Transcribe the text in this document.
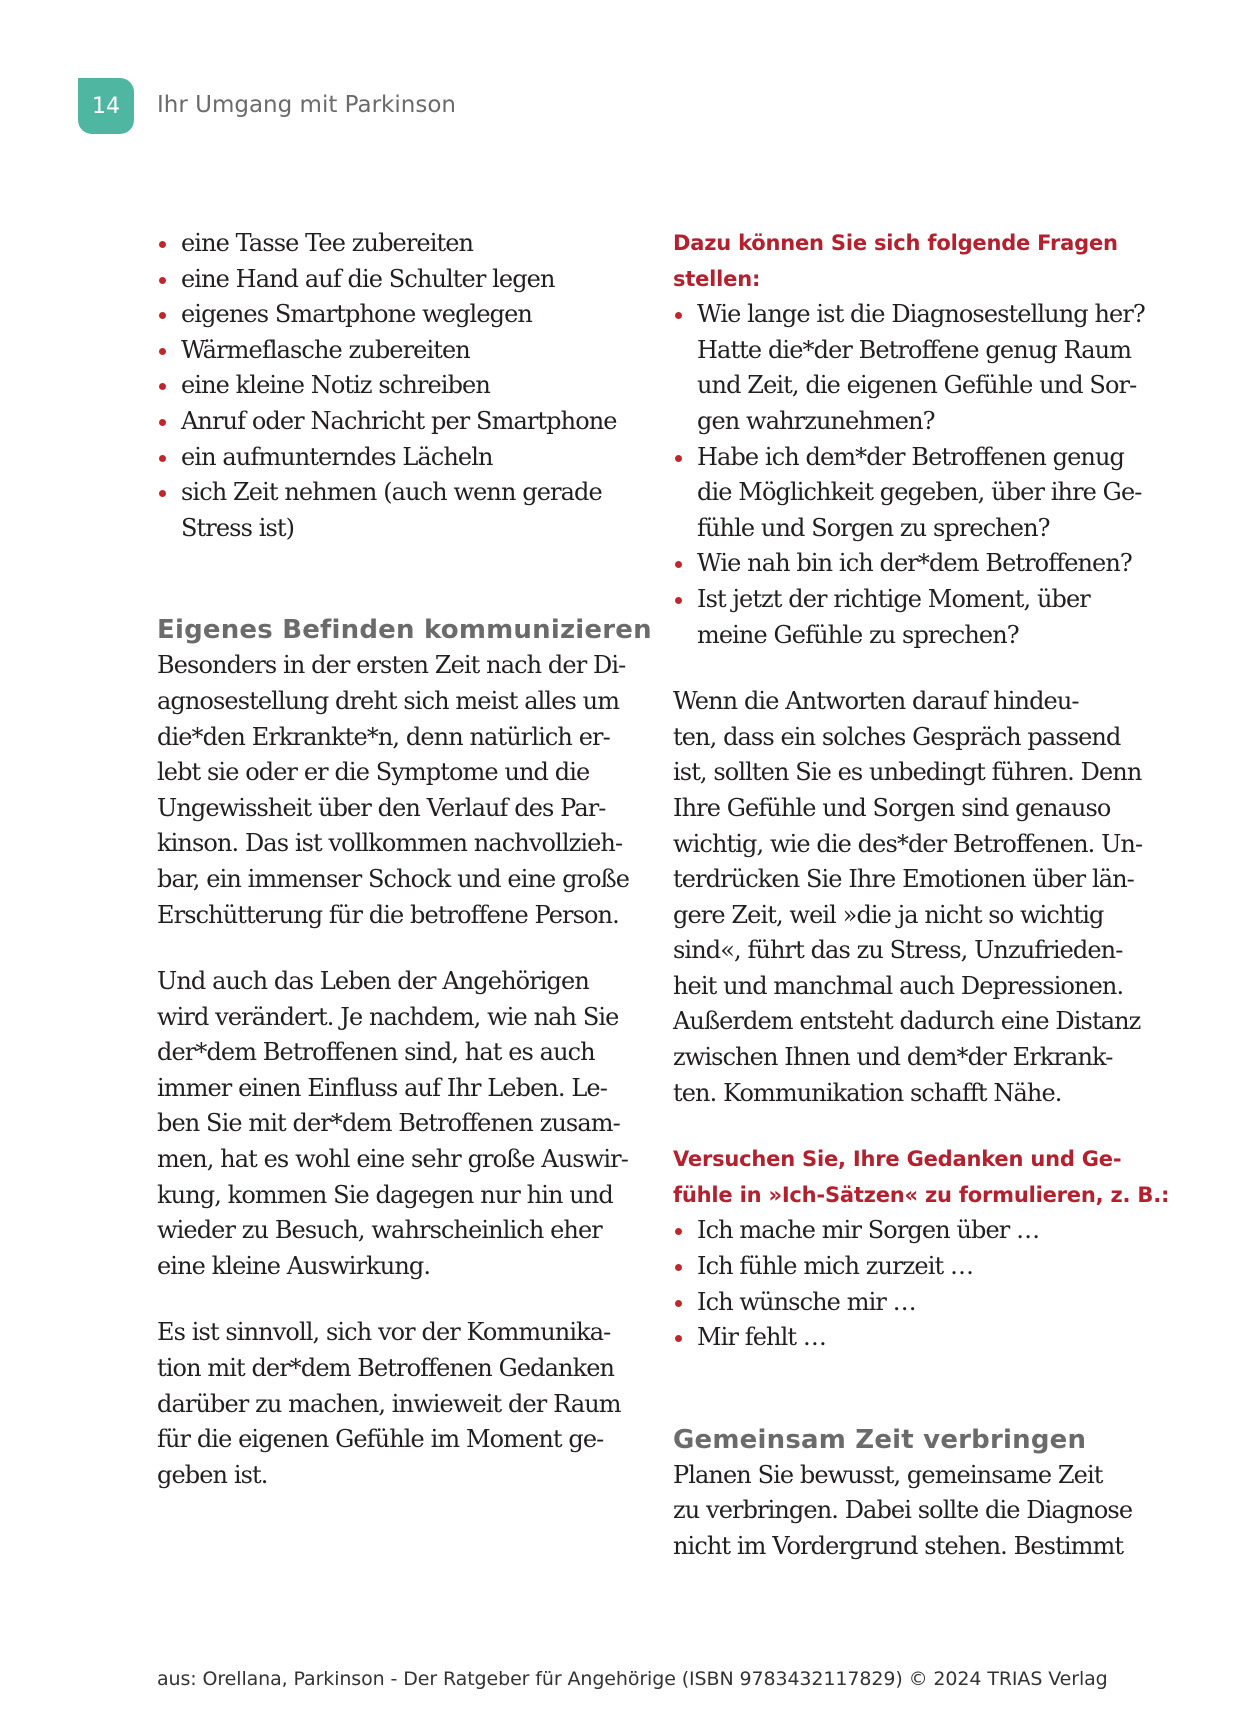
14 Ihr Umgang mit Parkinson
eine Tasse Tee zubereiten
eine Hand auf die Schulter legen
eigenes Smartphone weglegen
Wärmeflasche zubereiten
eine kleine Notiz schreiben
Anruf oder Nachricht per Smartphone
ein aufmunterndes Lächeln
sich Zeit nehmen (auch wenn gerade
Stress ist)
Eigenes Befinden kommunizieren
Besonders in der ersten Zeit nach der Di-
agnosestellung dreht sich meist alles um
die*den Erkrankte*n, denn natürlich er-
lebt sie oder er die Symptome und die
Ungewissheit über den Verlauf des Par-
kinson. Das ist vollkommen nachvollzieh-
bar, ein immenser Schock und eine große
Erschütterung für die betroffene Person.
Und auch das Leben der Angehörigen
wird verändert. Je nachdem, wie nah Sie
der*dem Betroffenen sind, hat es auch
immer einen Einfluss auf Ihr Leben. Le-
ben Sie mit der*dem Betroffenen zusam-
men, hat es wohl eine sehr große Auswir-
kung, kommen Sie dagegen nur hin und
wieder zu Besuch, wahrscheinlich eher
eine kleine Auswirkung.
Es ist sinnvoll, sich vor der Kommunika-
tion mit der*dem Betroffenen Gedanken
darüber zu machen, inwieweit der Raum
für die eigenen Gefühle im Moment ge-
geben ist.
Dazu können Sie sich folgende Fragen
stellen:
Wie lange ist die Diagnosestellung her?
Hatte die*der Betroffene genug Raum
und Zeit, die eigenen Gefühle und Sor-
gen wahrzunehmen?
Habe ich dem*der Betroffenen genug
die Möglichkeit gegeben, über ihre Ge-
fühle und Sorgen zu sprechen?
Wie nah bin ich der*dem Betroffenen?
Ist jetzt der richtige Moment, über
meine Gefühle zu sprechen?
Wenn die Antworten darauf hindeu-
ten, dass ein solches Gespräch passend
ist, sollten Sie es unbedingt führen. Denn
Ihre Gefühle und Sorgen sind genauso
wichtig, wie die des*der Betroffenen. Un-
terdrücken Sie Ihre Emotionen über län-
gere Zeit, weil »die ja nicht so wichtig
sind«, führt das zu Stress, Unzufrieden-
heit und manchmal auch Depressionen.
Außerdem entsteht dadurch eine Distanz
zwischen Ihnen und dem*der Erkrank-
ten. Kommunikation schafft Nähe.
Versuchen Sie, Ihre Gedanken und Ge-
fühle in »Ich-Sätzen« zu formulieren, z. B.:
Ich mache mir Sorgen über …
Ich fühle mich zurzeit …
Ich wünsche mir …
Mir fehlt …
Gemeinsam Zeit verbringen
Planen Sie bewusst, gemeinsame Zeit
zu verbringen. Dabei sollte die Diagnose
nicht im Vordergrund stehen. Bestimmt
aus: Orellana, Parkinson - Der Ratgeber für Angehörige (ISBN 9783432117829) © 2024 TRIAS Verlag
